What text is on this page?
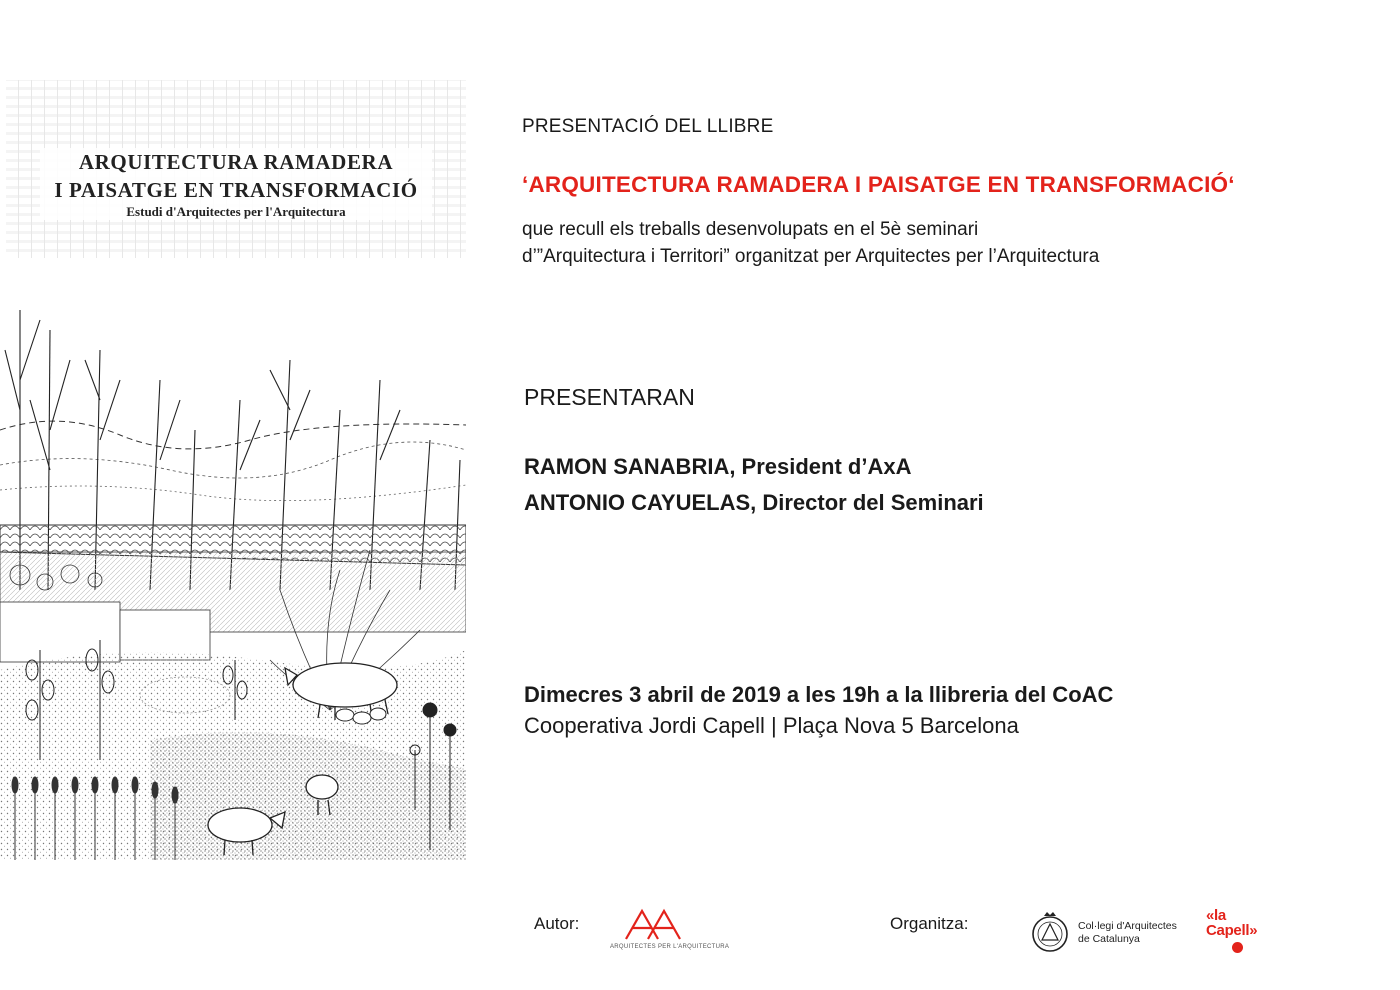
ARQUITECTURA RAMADERA
I PAISATGE EN TRANSFORMACIÓ
Estudi d'Arquitectes per l'Arquitectura
PRESENTACIÓ DEL LLIBRE
‘ARQUITECTURA RAMADERA I PAISATGE EN TRANSFORMACIÓ‘
que recull els treballs desenvolupats en el 5è seminari
d’”Arquitectura i Territori” organitzat per Arquitectes per l’Arquitectura
PRESENTARAN
RAMON SANABRIA, President d’AxA
ANTONIO CAYUELAS, Director del Seminari
Dimecres 3 abril de 2019 a les 19h a la llibreria del CoAC
Cooperativa Jordi Capell | Plaça Nova 5 Barcelona
Autor:
ARQUITECTES PER L'ARQUITECTURA
Organitza:	Col·legi d'Arquitectes
de Catalunya
«la
Capell»
